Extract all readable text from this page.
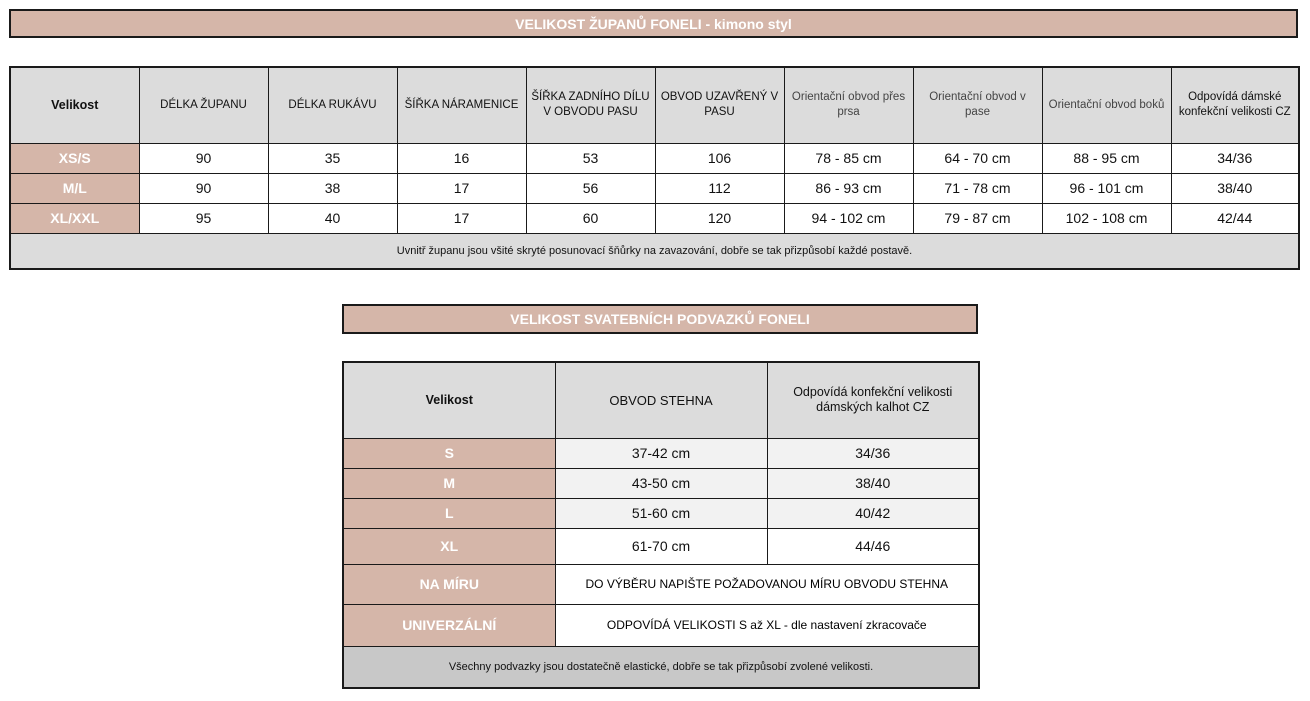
VELIKOST ŽUPANŮ FONELI - kimono styl
Velikost	DÉLKA ŽUPANU	DÉLKA RUKÁVU	ŠÍŘKA NÁRAMENICE	ŠÍŘKA ZADNÍHO DÍLU V OBVODU PASU	OBVOD UZAVŘENÝ V PASU	Orientační obvod přes prsa	Orientační obvod v pase	Orientační obvod boků	Odpovídá dámské konfekční velikosti CZ
XS/S	90	35	16	53	106	78 - 85 cm	64 - 70 cm	88 - 95 cm	34/36
M/L	90	38	17	56	112	86 - 93 cm	71 - 78 cm	96 - 101 cm	38/40
XL/XXL	95	40	17	60	120	94 - 102 cm	79 - 87 cm	102 - 108 cm	42/44
Uvnitř županu jsou všité skryté posunovací šňůrky na zavazování, dobře se tak přizpůsobí každé postavě.									
VELIKOST SVATEBNÍCH PODVAZKŮ FONELI
Velikost	OBVOD STEHNA	Odpovídá konfekční velikosti dámských kalhot CZ
S	37-42 cm	34/36
M	43-50 cm	38/40
L	51-60 cm	40/42
XL	61-70 cm	44/46
NA MÍRU	DO VÝBĚRU NAPIŠTE POŽADOVANOU MÍRU OBVODU STEHNA	
UNIVERZÁLNÍ	ODPOVÍDÁ VELIKOSTI S až XL - dle nastavení zkracovače	
Všechny podvazky jsou dostatečně elastické, dobře se tak přizpůsobí zvolené velikosti.		
